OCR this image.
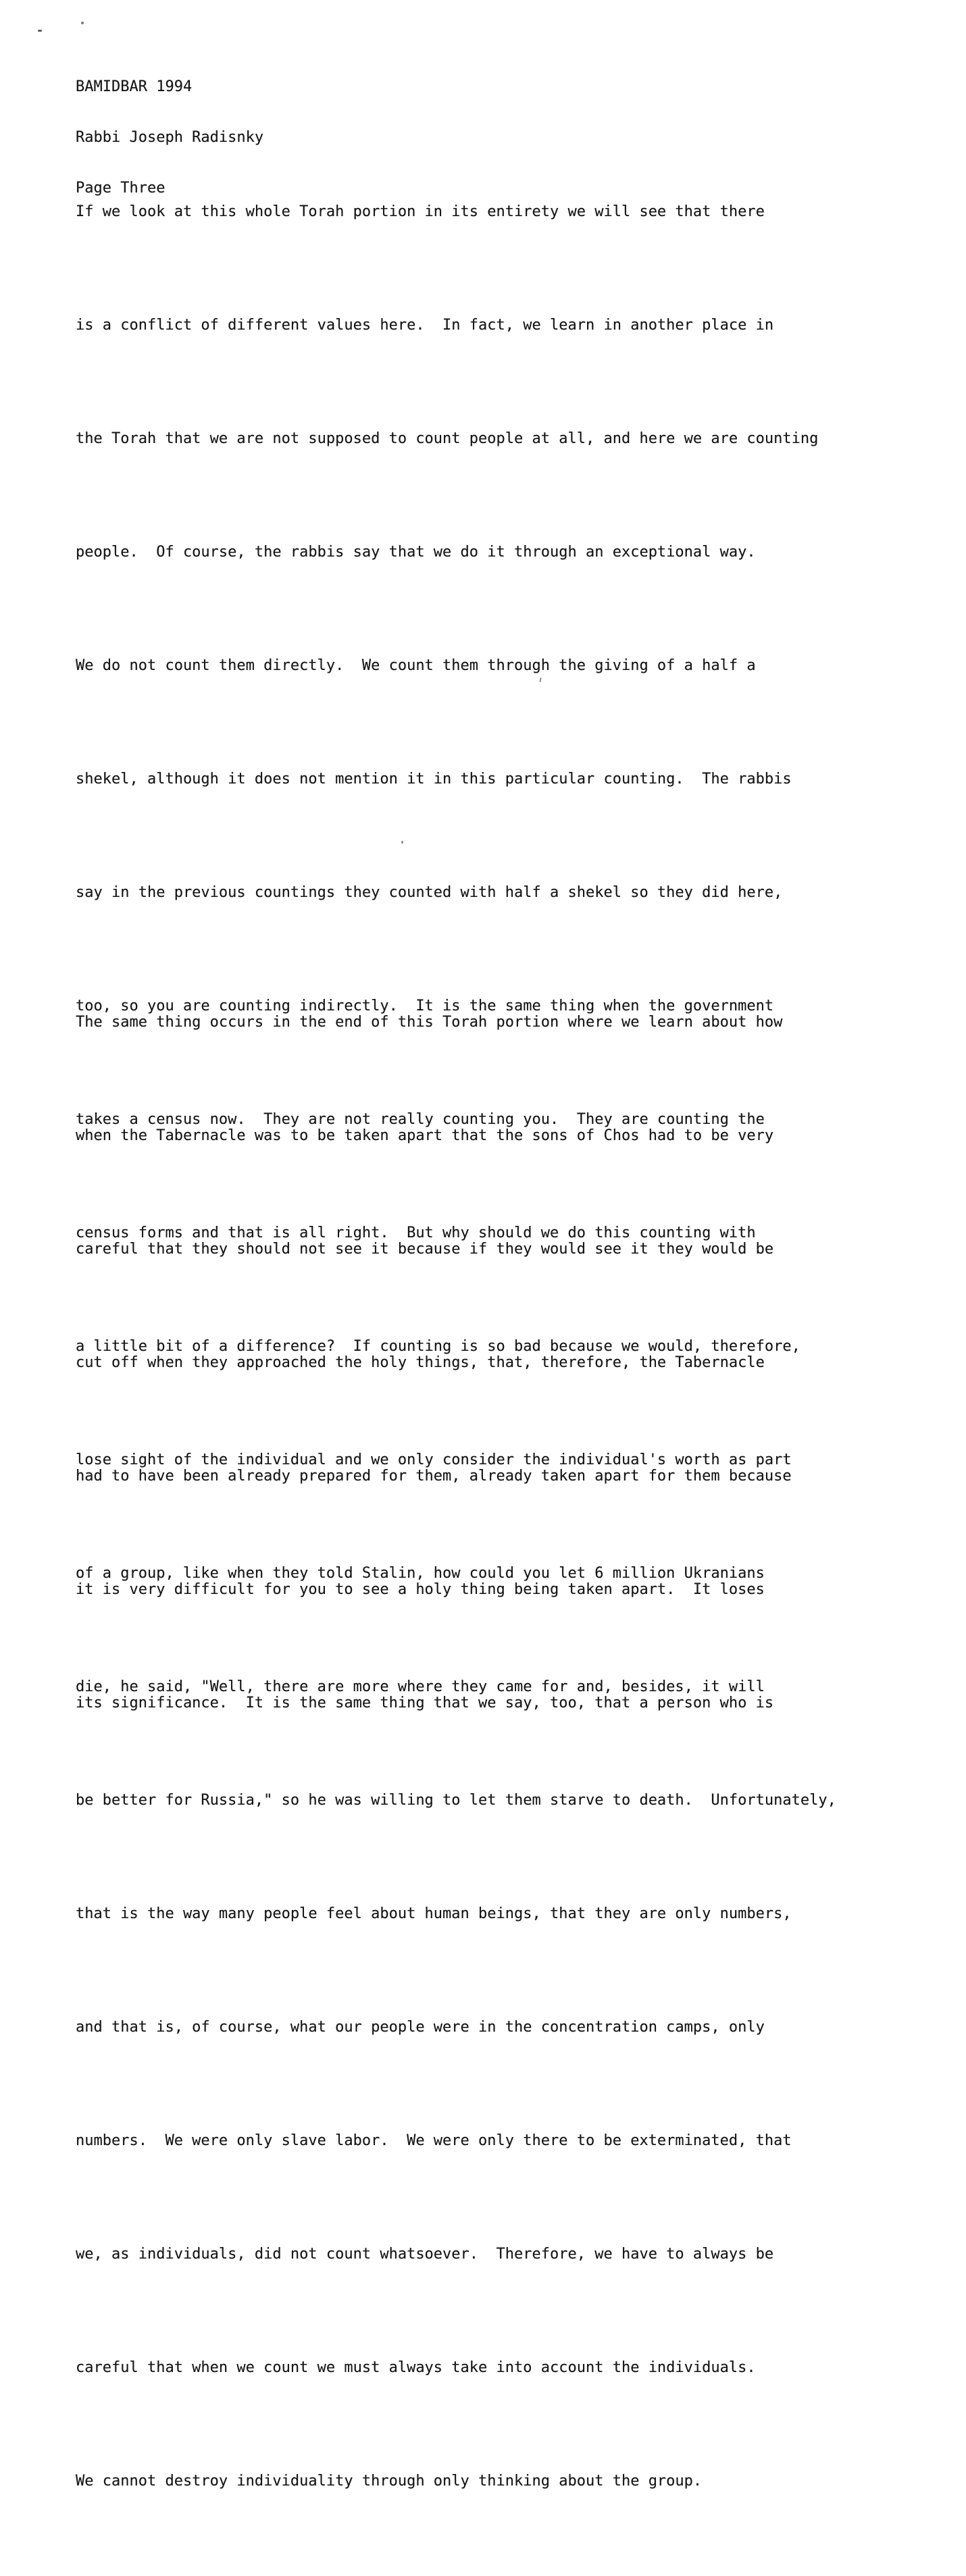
BAMIDBAR 1994

Rabbi Joseph Radisnky

Page Three

If we look at this whole Torah portion in its entirety we will see that there

is a conflict of different values here.  In fact, we learn in another place in

the Torah that we are not supposed to count people at all, and here we are counting

people.  Of course, the rabbis say that we do it through an exceptional way.

We do not count them directly.  We count them through the giving of a half a

shekel, although it does not mention it in this particular counting.  The rabbis

say in the previous countings they counted with half a shekel so they did here,

too, so you are counting indirectly.  It is the same thing when the government

takes a census now.  They are not really counting you.  They are counting the

census forms and that is all right.  But why should we do this counting with

a little bit of a difference?  If counting is so bad because we would, therefore,

lose sight of the individual and we only consider the individual's worth as part

of a group, like when they told Stalin, how could you let 6 million Ukranians

die, he said, "Well, there are more where they came for and, besides, it will

be better for Russia," so he was willing to let them starve to death.  Unfortunately,

that is the way many people feel about human beings, that they are only numbers,

and that is, of course, what our people were in the concentration camps, only

numbers.  We were only slave labor.  We were only there to be exterminated, that

we, as individuals, did not count whatsoever.  Therefore, we have to always be

careful that when we count we must always take into account the individuals.

We cannot destroy individuality through only thinking about the group.

The same thing occurs in the end of this Torah portion where we learn about how

when the Tabernacle was to be taken apart that the sons of Chos had to be very

careful that they should not see it because if they would see it they would be

cut off when they approached the holy things, that, therefore, the Tabernacle

had to have been already prepared for them, already taken apart for them because

it is very difficult for you to see a holy thing being taken apart.  It loses

its significance.  It is the same thing that we say, too, that a person who is
